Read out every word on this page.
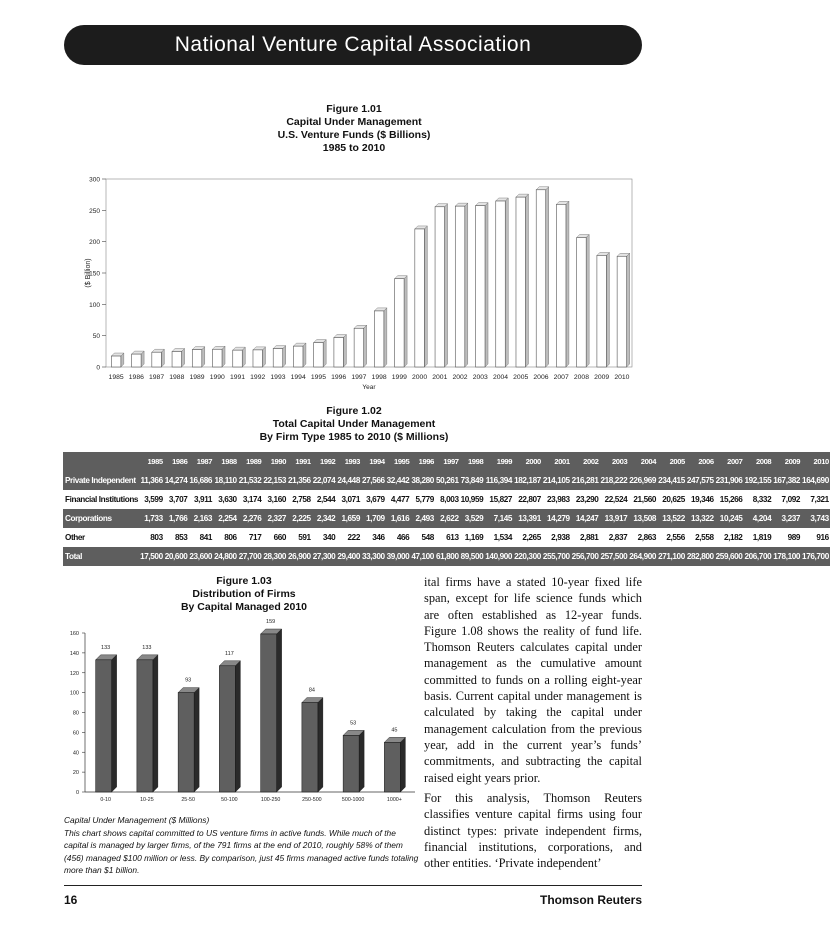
National Venture Capital Association
Figure 1.01
Capital Under Management
U.S. Venture Funds ($ Billions)
1985 to 2010
0
50
100
150
200
250
300
($ Billion)
1985 1986 1987 1988 1989 1990 1991 1992 1993 1994 1995 1996 1997 1998 1999 2000 2001 2002 2003 2004 2005 2006 2007 2008 2009 2010
Year
Figure 1.02
Total Capital Under Management
By Firm Type 1985 to 2010 ($ Millions)
	1985	1986	1987	1988	1989	1990	1991	1992	1993	1994	1995	1996	1997	1998	1999	2000	2001	2002	2003	2004	2005	2006	2007	2008	2009	2010
Private Independent	11,366	14,274	16,686	18,110	21,532	22,153	21,356	22,074	24,448	27,566	32,442	38,280	50,261	73,849	116,394	182,187	214,105	216,281	218,222	226,969	234,415	247,575	231,906	192,155	167,382	164,690
Financial Institutions	3,599	3,707	3,911	3,630	3,174	3,160	2,758	2,544	3,071	3,679	4,477	5,779	8,003	10,959	15,827	22,807	23,983	23,290	22,524	21,560	20,625	19,346	15,266	8,332	7,092	7,321
Corporations	1,733	1,766	2,163	2,254	2,276	2,327	2,225	2,342	1,659	1,709	1,616	2,493	2,622	3,529	7,145	13,391	14,279	14,247	13,917	13,508	13,522	13,322	10,245	4,204	3,237	3,743
Other	803	853	841	806	717	660	591	340	222	346	466	548	613	1,169	1,534	2,265	2,938	2,881	2,837	2,863	2,556	2,558	2,182	1,819	989	916
Total	17,500	20,600	23,600	24,800	27,700	28,300	26,900	27,300	29,400	33,300	39,000	47,100	61,800	89,500	140,900	220,300	255,700	256,700	257,500	264,900	271,100	282,800	259,600	206,700	178,100	176,700
Figure 1.03
Distribution of Firms
By Capital Managed 2010
0
20
40
60
80
100
120
140
160
133
0-10
133
10-25
93
25-50
117
50-100
159
100-250
84
250-500
53
500-1000
45
1000+
Capital Under Management ($ Millions)
This chart shows capital committed to US venture firms in active funds. While much of the capital is managed by larger firms, of the 791 firms at the end of 2010, roughly 58% of them (456) managed $100 million or less. By comparison, just 45 firms managed active funds totaling more than $1 billion.

ital firms have a stated 10-year fixed life span, except for life science funds which are often established as 12-year funds. Figure 1.08 shows the reality of fund life. Thomson Reuters calculates capital under management as the cumulative amount committed to funds on a rolling eight-year basis. Current capital under management is calculated by taking the capital under management calculation from the previous year, add in the current year’s funds’ commitments, and subtracting the capital raised eight years prior.

For this analysis, Thomson Reuters classifies venture capital firms using four distinct types: private independent firms, financial institutions, corporations, and other entities. ‘Private independent’

16	Thomson Reuters
